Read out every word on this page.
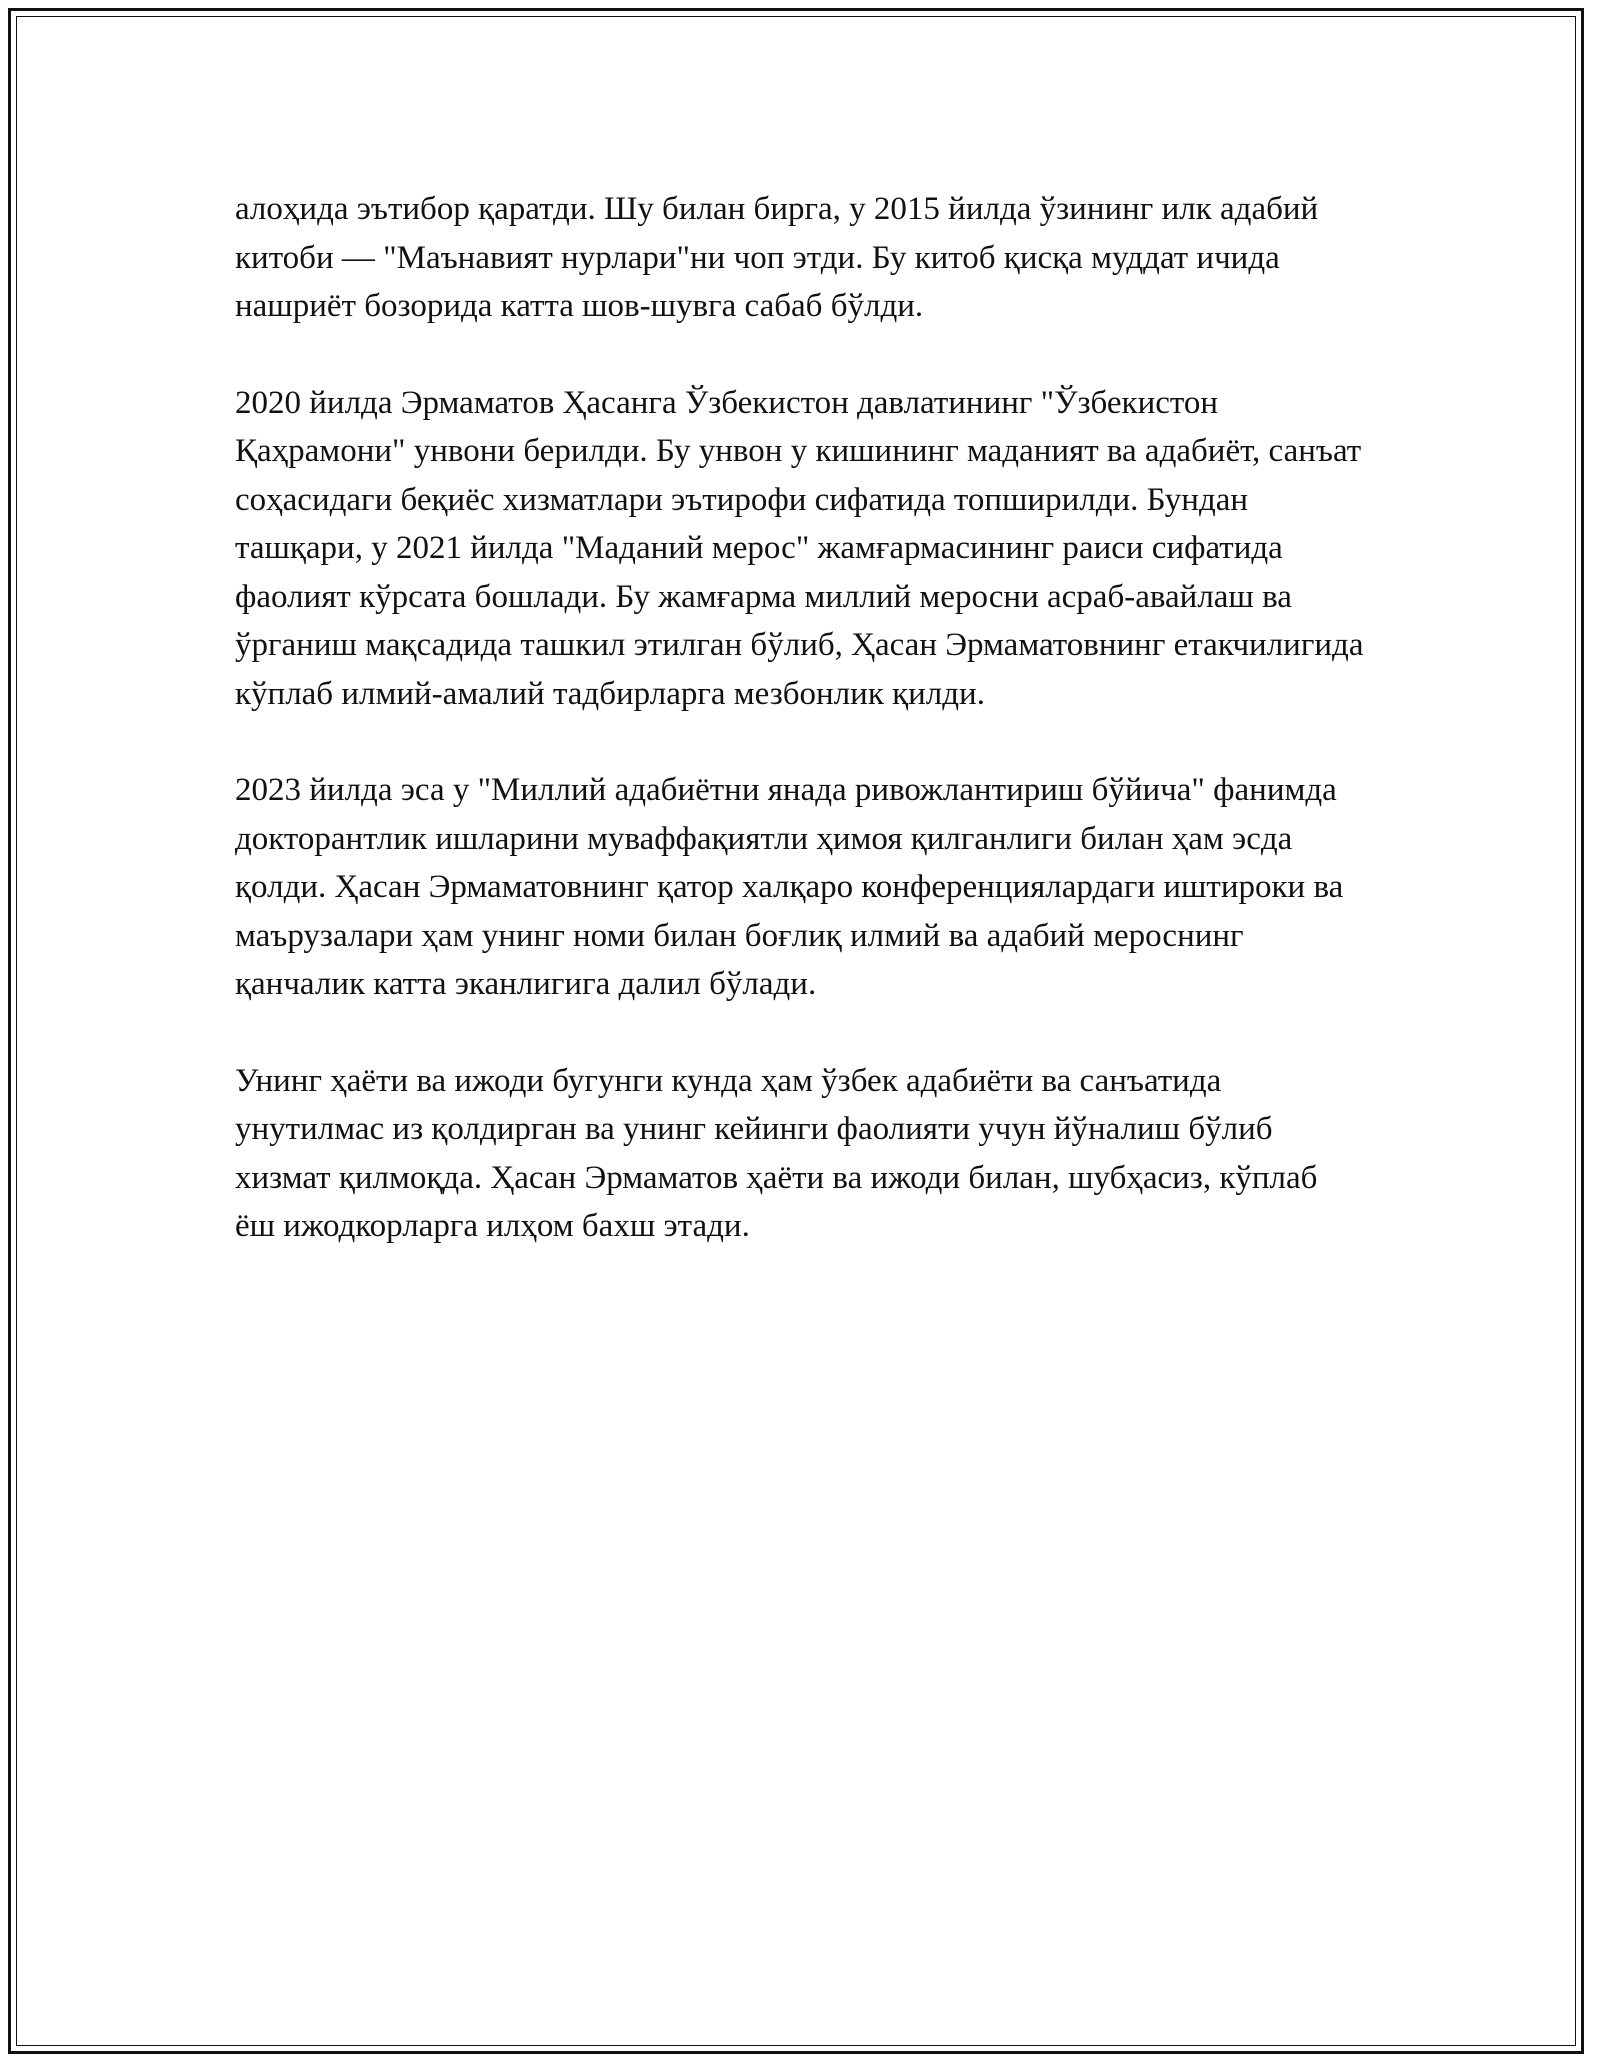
алоҳида эътибор қаратди. Шу билан бирга, у 2015 йилда ўзининг илк адабий китоби — "Маънавият нурлари"ни чоп этди. Бу китоб қисқа муддат ичида нашриёт бозорида катта шов-шувга сабаб бўлди.

2020 йилда Эрмаматов Ҳасанга Ўзбекистон давлатининг "Ўзбекистон Қаҳрамони" унвони берилди. Бу унвон у кишининг маданият ва адабиёт, санъат соҳасидаги беқиёс хизматлари эътирофи сифатида топширилди. Бундан ташқари, у 2021 йилда "Маданий мерос" жамғармасининг раиси сифатида фаолият кўрсата бошлади. Бу жамғарма миллий меросни асраб-авайлаш ва ўрганиш мақсадида ташкил этилган бўлиб, Ҳасан Эрмаматовнинг етакчилигида кўплаб илмий-амалий тадбирларга мезбонлик қилди.

2023 йилда эса у "Миллий адабиётни янада ривожлантириш бўйича" фанимда докторантлик ишларини муваффақиятли ҳимоя қилганлиги билан ҳам эсда қолди. Ҳасан Эрмаматовнинг қатор халқаро конференциялардаги иштироки ва маърузалари ҳам унинг номи билан боғлиқ илмий ва адабий мероснинг қанчалик катта эканлигига далил бўлади.

Унинг ҳаёти ва ижоди бугунги кунда ҳам ўзбек адабиёти ва санъатида унутилмас из қолдирган ва унинг кейинги фаолияти учун йўналиш бўлиб хизмат қилмоқда. Ҳасан Эрмаматов ҳаёти ва ижоди билан, шубҳасиз, кўплаб ёш ижодкорларга илҳом бахш этади.
